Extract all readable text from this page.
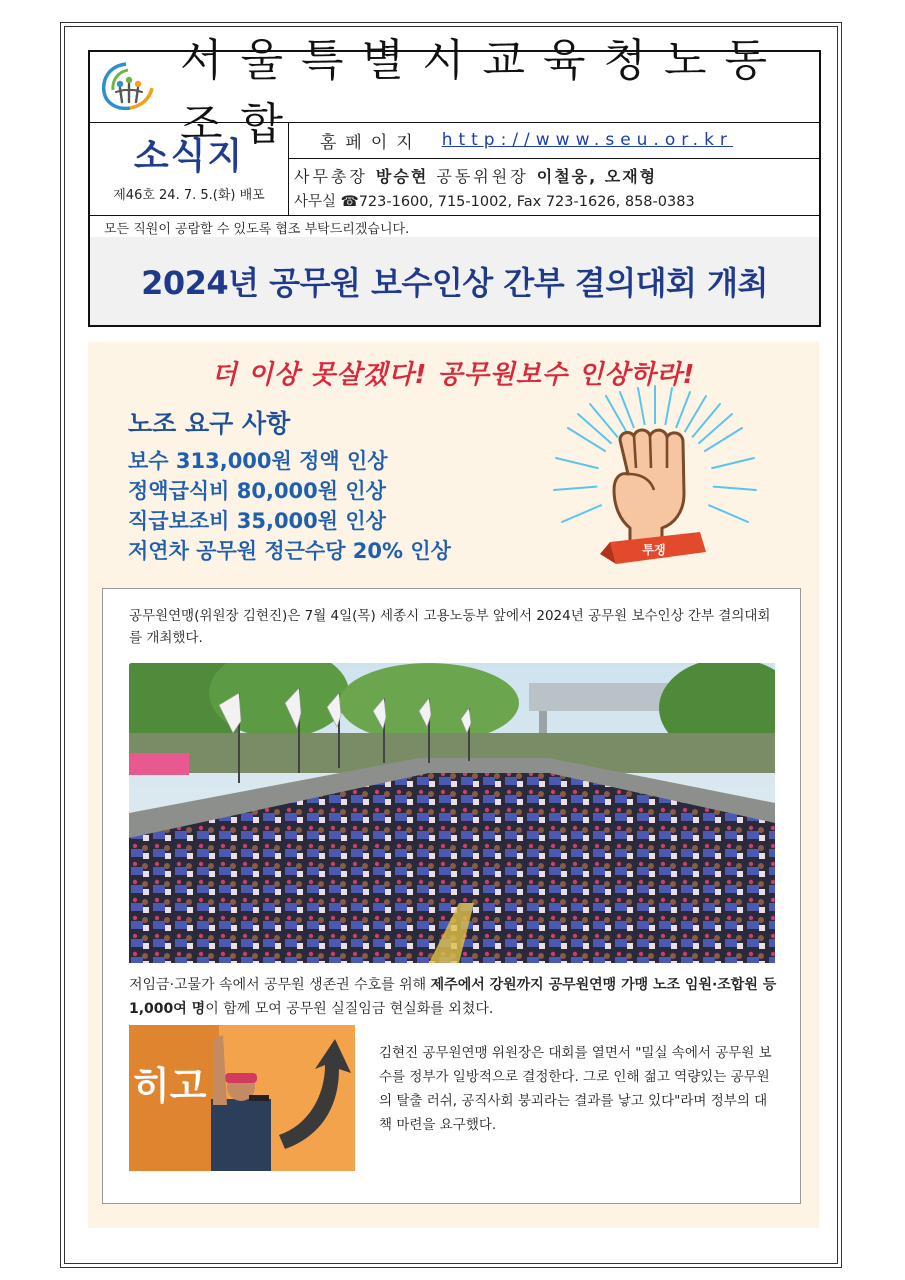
서울특별시교육청노동조합
소식지
제46호 24. 7. 5.(화) 배포
홈페이지 http://www.seu.or.kr
사무총장 방승현 공동위원장 이철웅, 오재형
사무실 ☎723-1600, 715-1002, Fax 723-1626, 858-0383
모든 직원이 공람할 수 있도록 협조 부탁드리겠습니다.
2024년 공무원 보수인상 간부 결의대회 개최
더 이상 못살겠다! 공무원보수 인상하라!
노조 요구 사항
보수 313,000원 정액 인상
정액급식비 80,000원 인상
직급보조비 35,000원 인상
저연차 공무원 정근수당 20% 인상	투쟁
공무원연맹(위원장 김현진)은 7월 4일(목) 세종시 고용노동부 앞에서 2024년 공무원 보수인상 간부 결의대회를 개최했다.
저임금·고물가 속에서 공무원 생존권 수호를 위해 제주에서 강원까지 공무원연맹 가맹 노조 임원·조합원 등 1,000여 명이 함께 모여 공무원 실질임금 현실화를 외쳤다.
히고
김현진 공무원연맹 위원장은 대회를 열면서 "밀실 속에서 공무원 보수를 정부가 일방적으로 결정한다. 그로 인해 젊고 역량있는 공무원의 탈출 러쉬, 공직사회 붕괴라는 결과를 낳고 있다"라며 정부의 대책 마련을 요구했다.
